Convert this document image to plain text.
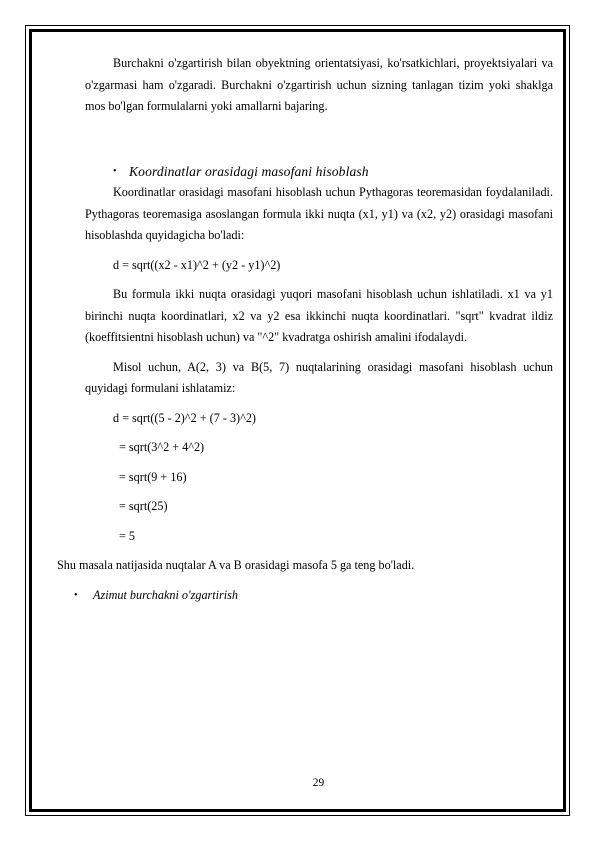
Burchakni o'zgartirish bilan obyektning orientatsiyasi, ko'rsatkichlari, proyektsiyalari va o'zgarmasi ham o'zgaradi. Burchakni o'zgartirish uchun sizning tanlagan tizim yoki shaklga mos bo'lgan formulalarni yoki amallarni bajaring.

• Koordinatlar orasidagi masofani hisoblash

Koordinatlar orasidagi masofani hisoblash uchun Pythagoras teoremasidan foydalaniladi. Pythagoras teoremasiga asoslangan formula ikki nuqta (x1, y1) va (x2, y2) orasidagi masofani hisoblashda quyidagicha bo'ladi:

d = sqrt((x2 - x1)^2 + (y2 - y1)^2)

Bu formula ikki nuqta orasidagi yuqori masofani hisoblash uchun ishlatiladi. x1 va y1 birinchi nuqta koordinatlari, x2 va y2 esa ikkinchi nuqta koordinatlari. "sqrt" kvadrat ildiz (koeffitsientni hisoblash uchun) va "^2" kvadratga oshirish amalini ifodalaydi.

Misol uchun, A(2, 3) va B(5, 7) nuqtalarining orasidagi masofani hisoblash uchun quyidagi formulani ishlatamiz:

d = sqrt((5 - 2)^2 + (7 - 3)^2)

= sqrt(3^2 + 4^2)

= sqrt(9 + 16)

= sqrt(25)

= 5

Shu masala natijasida nuqtalar A va B orasidagi masofa 5 ga teng bo'ladi.

• Azimut burchakni o'zgartirish

29
